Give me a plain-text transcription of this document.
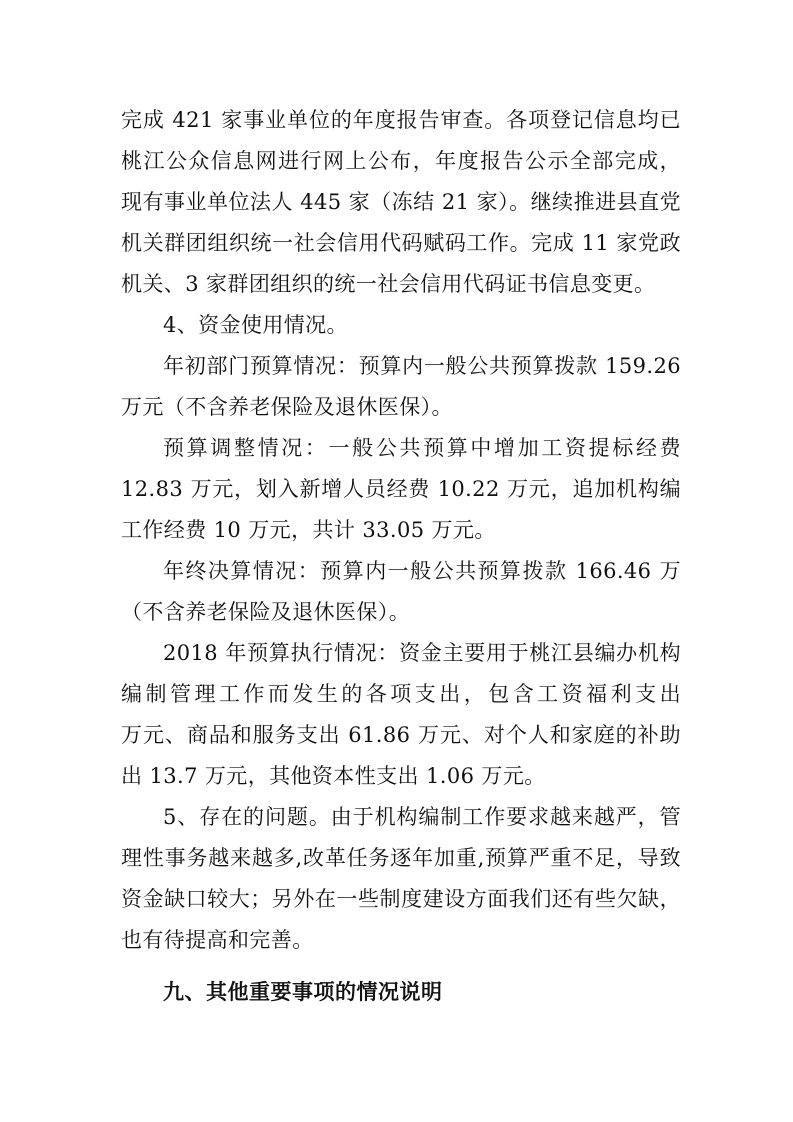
完成 421 家事业单位的年度报告审查。各项登记信息均已
桃江公众信息网进行网上公布，年度报告公示全部完成，
现有事业单位法人 445 家（冻结 21 家）。继续推进县直党
机关群团组织统一社会信用代码赋码工作。完成 11 家党政
机关、3 家群团组织的统一社会信用代码证书信息变更。
4、资金使用情况。
年初部门预算情况：预算内一般公共预算拨款 159.26
万元（不含养老保险及退休医保）。
预算调整情况：一般公共预算中增加工资提标经费
12.83 万元，划入新增人员经费 10.22 万元，追加机构编
工作经费 10 万元，共计 33.05 万元。
年终决算情况：预算内一般公共预算拨款 166.46 万
（不含养老保险及退休医保）。
2018 年预算执行情况：资金主要用于桃江县编办机构
编制管理工作而发生的各项支出，包含工资福利支出
万元、商品和服务支出 61.86 万元、对个人和家庭的补助
出 13.7 万元，其他资本性支出 1.06 万元。
5、存在的问题。由于机构编制工作要求越来越严，管
理性事务越来越多,改革任务逐年加重,预算严重不足，导致
资金缺口较大；另外在一些制度建设方面我们还有些欠缺，
也有待提高和完善。
九、其他重要事项的情况说明
